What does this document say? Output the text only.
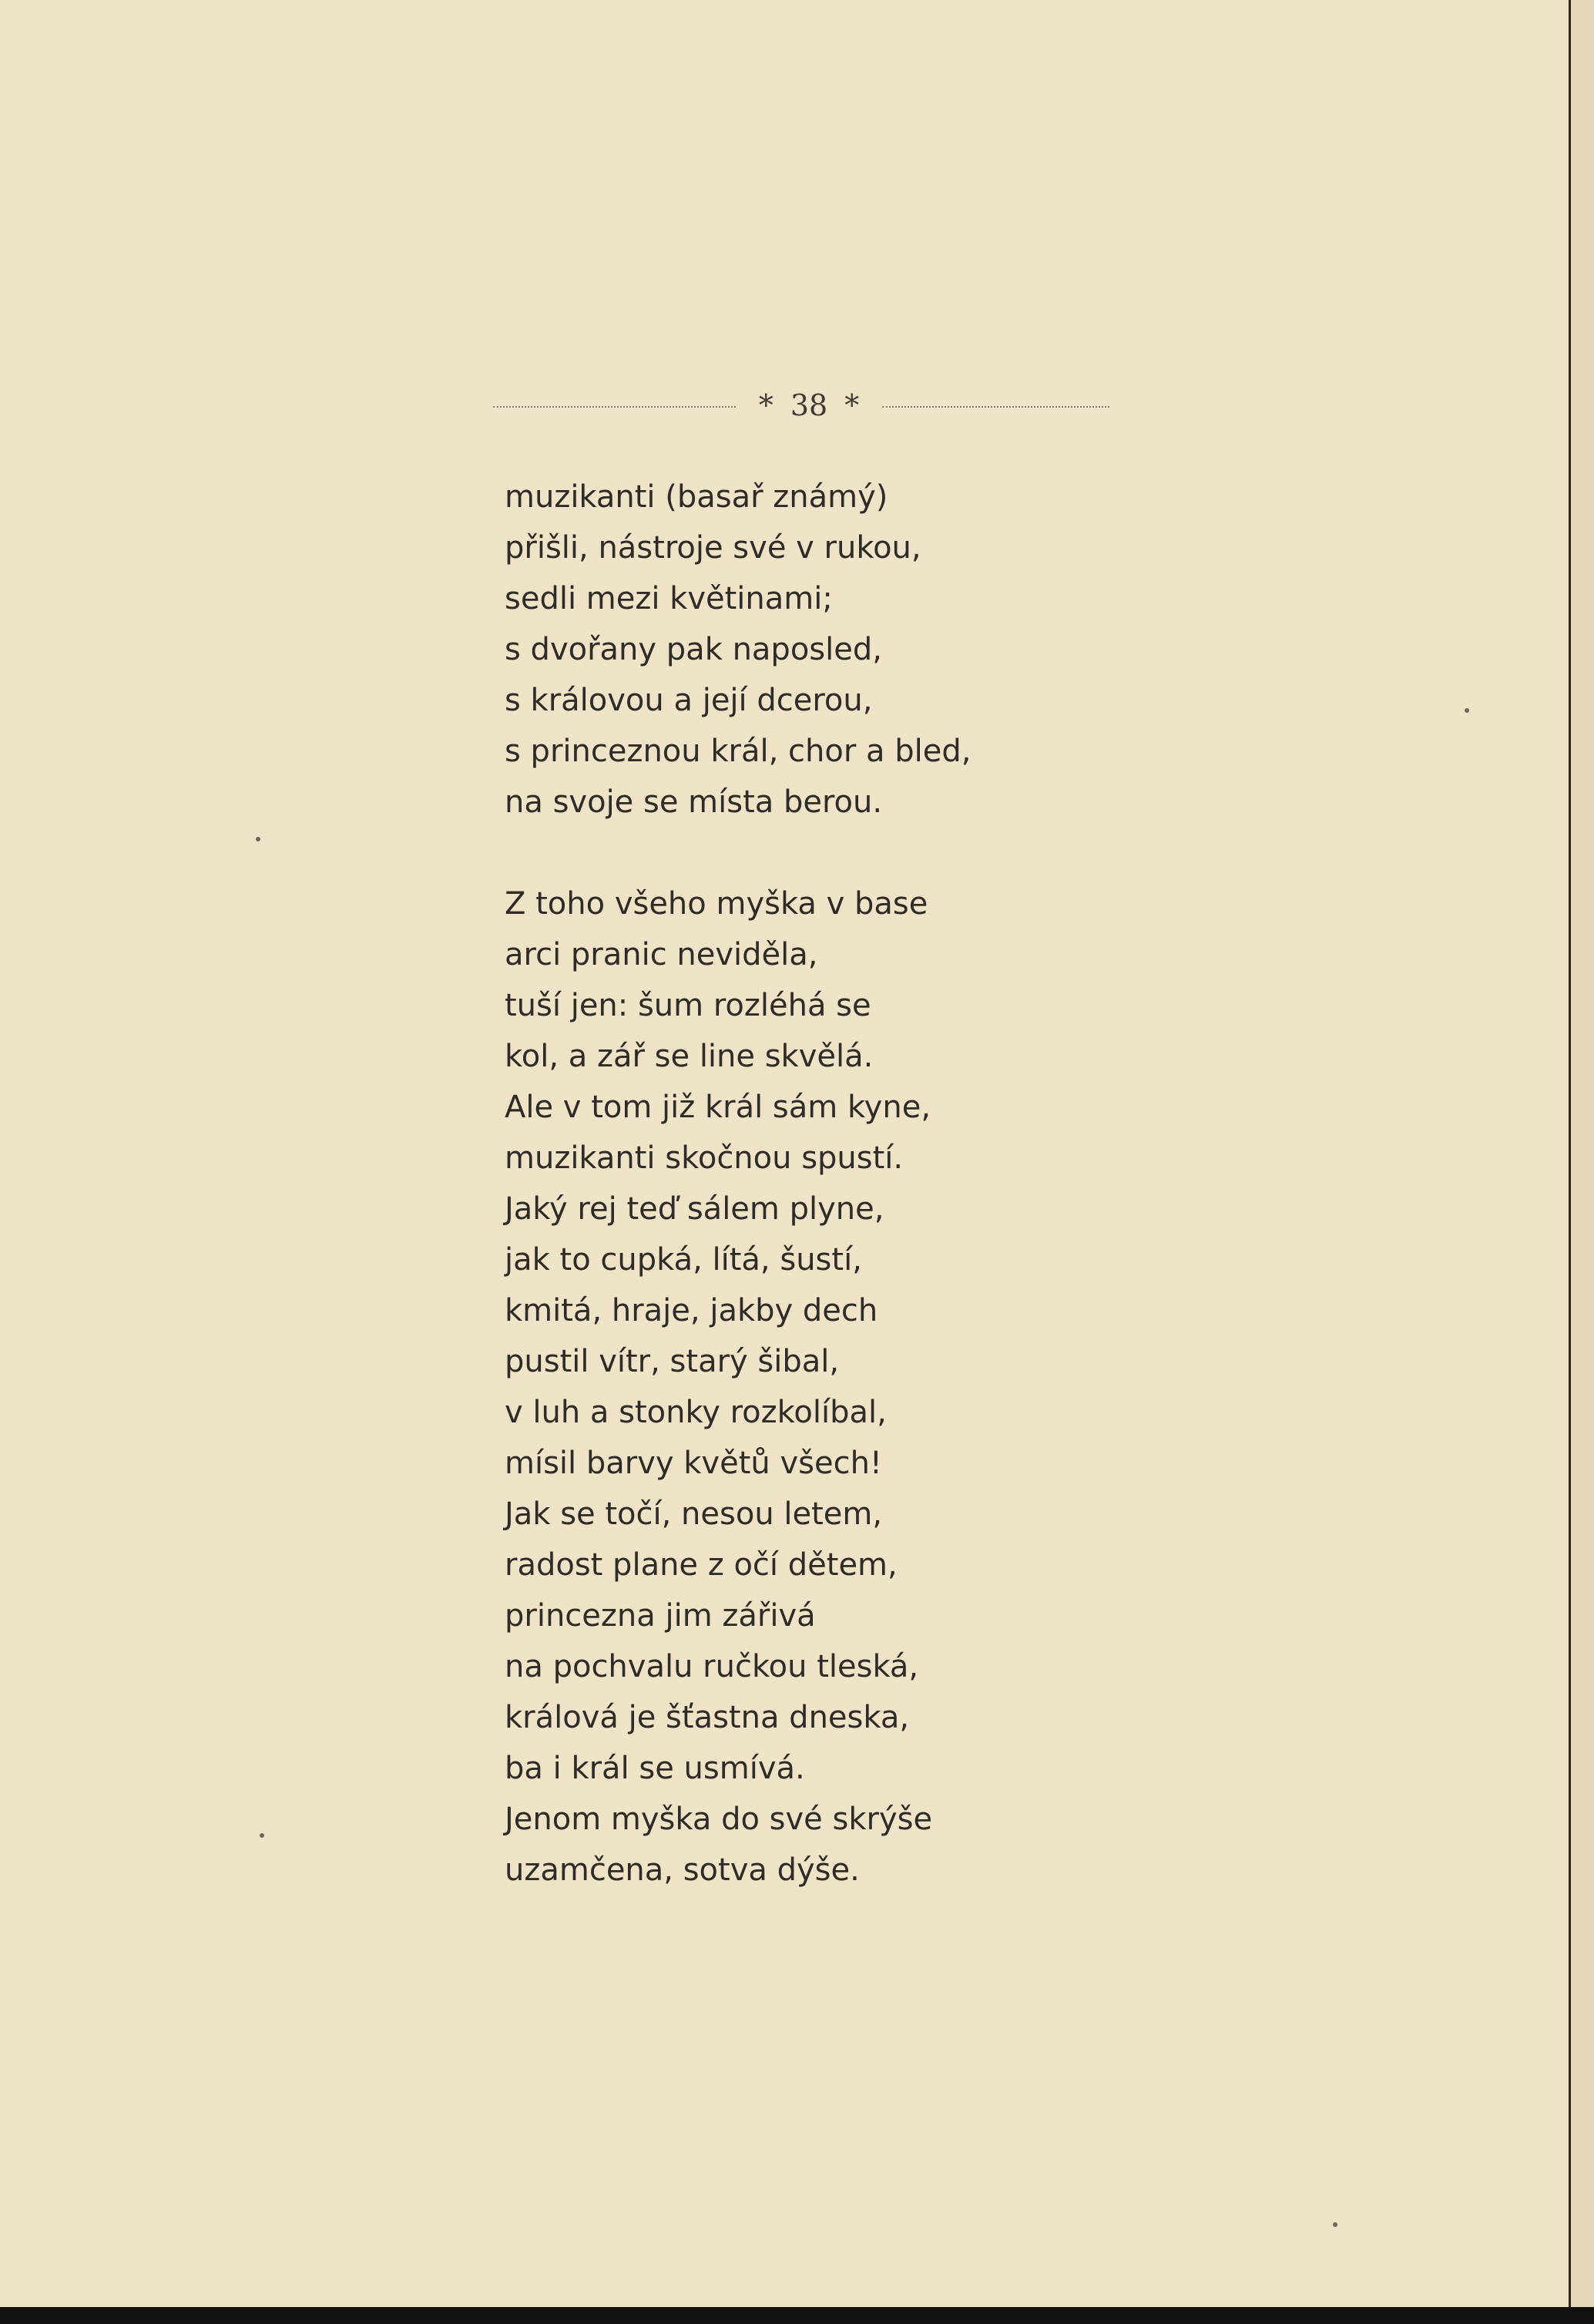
* 38 *
muzikanti (basař známý)
přišli, nástroje své v rukou,
sedli mezi květinami;
s dvořany pak naposled,
s královou a její dcerou,
s princeznou král, chor a bled,
na svoje se místa berou.
Z toho všeho myška v base
arci pranic neviděla,
tuší jen: šum rozléhá se
kol, a zář se line skvělá.
Ale v tom již král sám kyne,
muzikanti skočnou spustí.
Jaký rej teď sálem plyne,
jak to cupká, lítá, šustí,
kmitá, hraje, jakby dech
pustil vítr, starý šibal,
v luh a stonky rozkolíbal,
mísil barvy květů všech!
Jak se točí, nesou letem,
radost plane z očí dětem,
princezna jim zářivá
na pochvalu ručkou tleská,
králová je šťastna dneska,
ba i král se usmívá.
Jenom myška do své skrýše
uzamčena, sotva dýše.
